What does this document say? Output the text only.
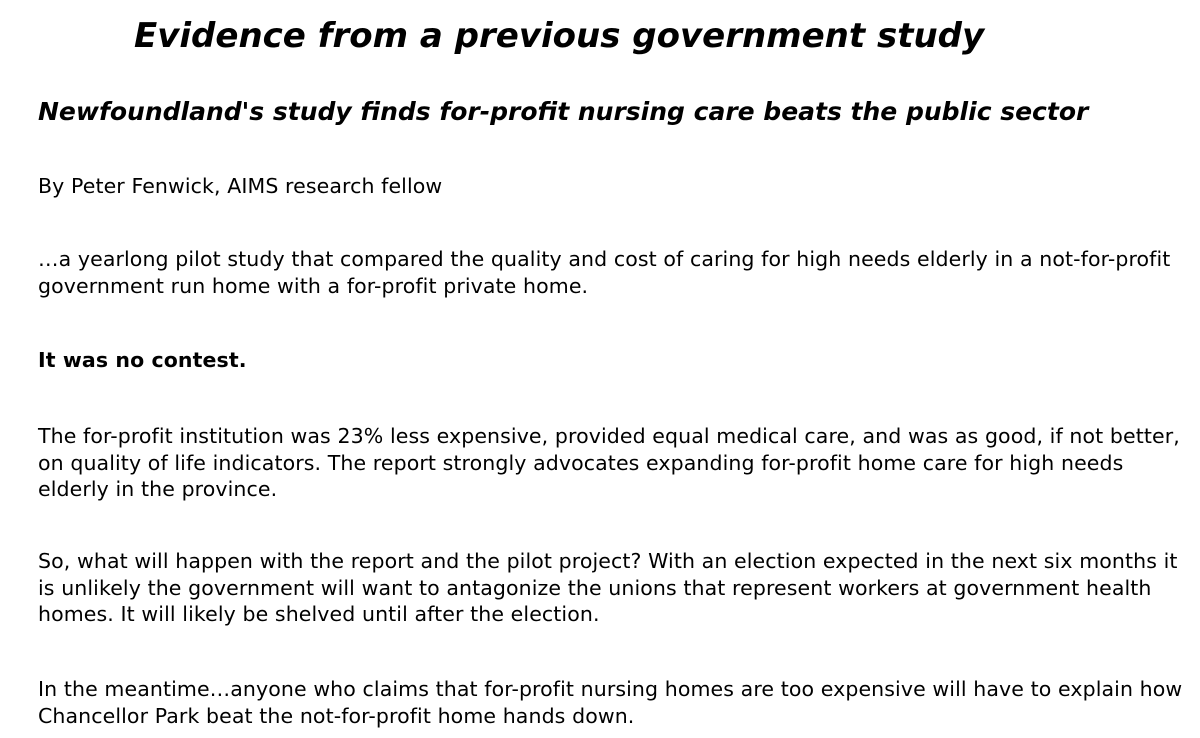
Evidence from a previous government study
Newfoundland's study finds for-profit nursing care beats the public sector

By Peter Fenwick, AIMS research fellow

…a yearlong pilot study that compared the quality and cost of caring for high needs elderly in a not-for-profit government run home with a for-profit private home.

It was no contest.

The for-profit institution was 23% less expensive, provided equal medical care, and was as good, if not better, on quality of life indicators. The report strongly advocates expanding for-profit home care for high needs elderly in the province.

So, what will happen with the report and the pilot project? With an election expected in the next six months it is unlikely the government will want to antagonize the unions that represent workers at government health homes. It will likely be shelved until after the election.

In the meantime…anyone who claims that for-profit nursing homes are too expensive will have to explain how Chancellor Park beat the not-for-profit home hands down.
